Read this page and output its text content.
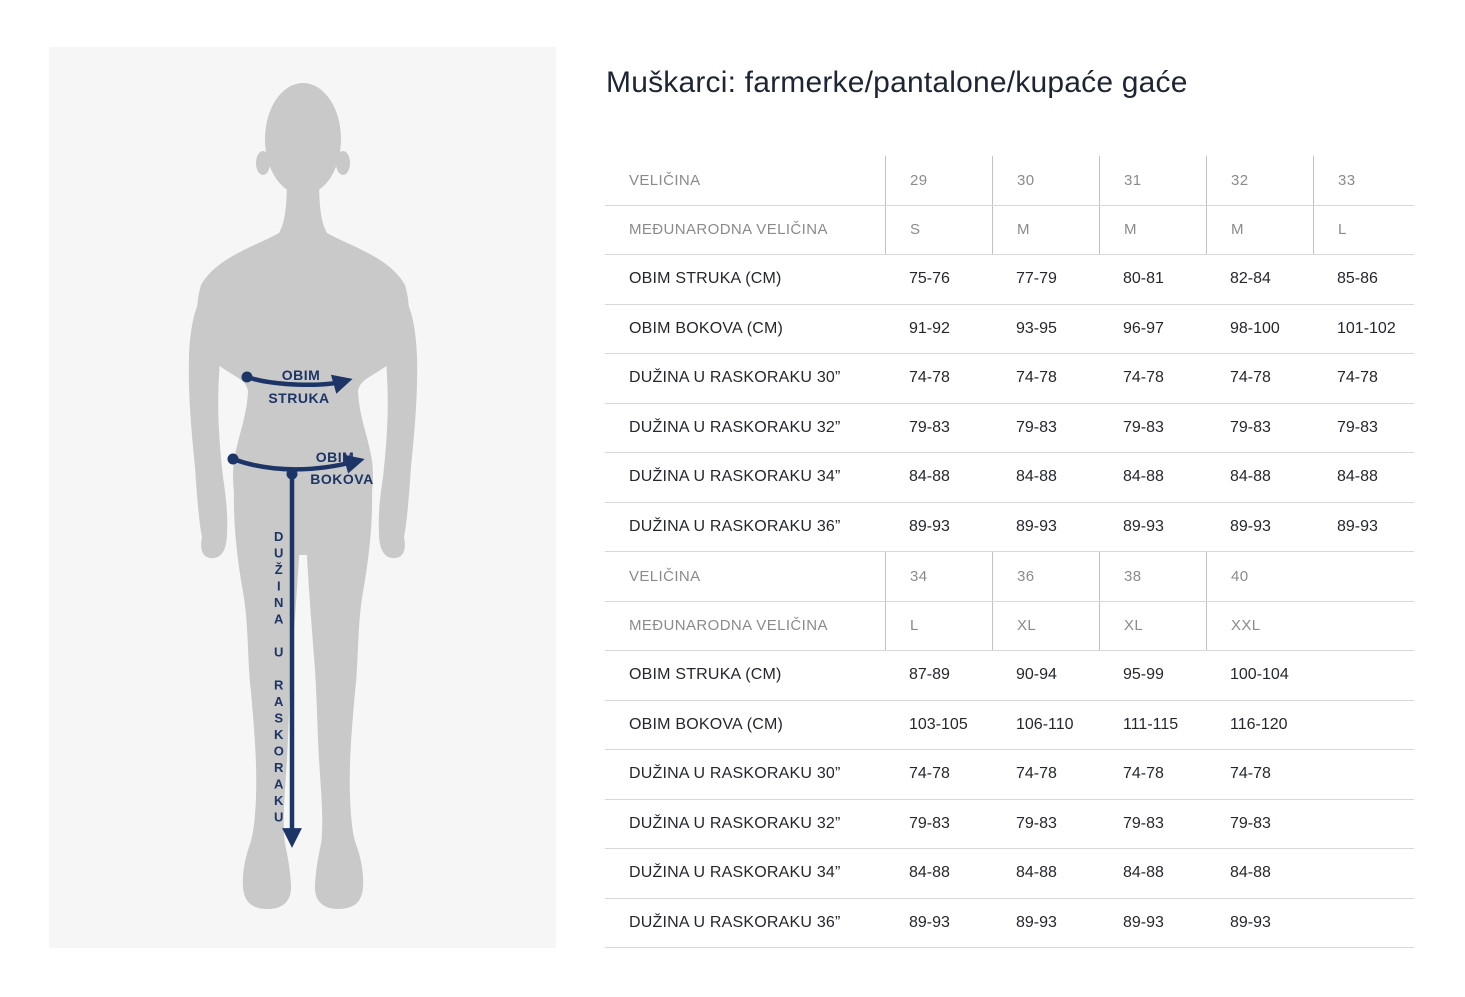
OBIM
STRUKA
OBIM
BOKOVA
D U Ž I N A U R A S K O R A K U
Muškarci: farmerke/pantalone/kupaće gaće
VELIČINA	29	30	31	32	33
MEĐUNARODNA VELIČINA	S	M	M	M	L
OBIM STRUKA (CM)	75-76	77-79	80-81	82-84	85-86
OBIM BOKOVA (CM)	91-92	93-95	96-97	98-100	101-102
DUŽINA U RASKORAKU 30”	74-78	74-78	74-78	74-78	74-78
DUŽINA U RASKORAKU 32”	79-83	79-83	79-83	79-83	79-83
DUŽINA U RASKORAKU 34”	84-88	84-88	84-88	84-88	84-88
DUŽINA U RASKORAKU 36”	89-93	89-93	89-93	89-93	89-93
VELIČINA	34	36	38	40
MEĐUNARODNA VELIČINA	L	XL	XL	XXL
OBIM STRUKA (CM)	87-89	90-94	95-99	100-104
OBIM BOKOVA (CM)	103-105	106-110	111-115	116-120
DUŽINA U RASKORAKU 30”	74-78	74-78	74-78	74-78
DUŽINA U RASKORAKU 32”	79-83	79-83	79-83	79-83
DUŽINA U RASKORAKU 34”	84-88	84-88	84-88	84-88
DUŽINA U RASKORAKU 36”	89-93	89-93	89-93	89-93
